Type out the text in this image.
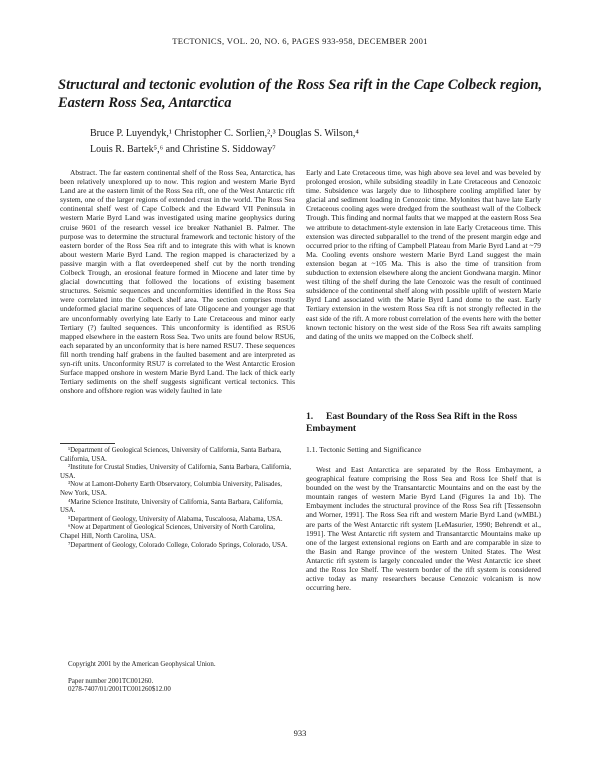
TECTONICS, VOL. 20, NO. 6, PAGES 933-958, DECEMBER 2001
Structural and tectonic evolution of the Ross Sea rift in the Cape Colbeck region, Eastern Ross Sea, Antarctica
Bruce P. Luyendyk,¹ Christopher C. Sorlien,²,³ Douglas S. Wilson,⁴
Louis R. Bartek⁵,⁶ and Christine S. Siddoway⁷

Abstract. The far eastern continental shelf of the Ross Sea, Antarctica, has been relatively unexplored up to now. This region and western Marie Byrd Land are at the eastern limit of the Ross Sea rift, one of the West Antarctic rift system, one of the larger regions of extended crust in the world. The Ross Sea continental shelf west of Cape Colbeck and the Edward VII Peninsula in western Marie Byrd Land was investigated using marine geophysics during cruise 9601 of the research vessel ice breaker Nathaniel B. Palmer. The purpose was to determine the structural framework and tectonic history of the eastern border of the Ross Sea rift and to integrate this with what is known about western Marie Byrd Land. The region mapped is characterized by a passive margin with a flat overdeepened shelf cut by the north trending Colbeck Trough, an erosional feature formed in Miocene and later time by glacial downcutting that followed the locations of existing basement structures. Seismic sequences and unconformities identified in the Ross Sea were correlated into the Colbeck shelf area. The section comprises mostly undeformed glacial marine sequences of late Oligocene and younger age that are unconformably overlying late Early to Late Cretaceous and minor early Tertiary (?) faulted sequences. This unconformity is identified as RSU6 mapped elsewhere in the eastern Ross Sea. Two units are found below RSU6, each separated by an unconformity that is here named RSU7. These sequences fill north trending half grabens in the faulted basement and are interpreted as syn-rift units. Unconformity RSU7 is correlated to the West Antarctic Erosion Surface mapped onshore in western Marie Byrd Land. The lack of thick early Tertiary sediments on the shelf suggests significant vertical tectonics. This onshore and offshore region was widely faulted in late

¹Department of Geological Sciences, University of California, Santa Barbara, California, USA.

²Institute for Crustal Studies, University of California, Santa Barbara, California, USA.

³Now at Lamont-Doherty Earth Observatory, Columbia University, Palisades, New York, USA.

⁴Marine Science Institute, University of California, Santa Barbara, California, USA.

⁵Department of Geology, University of Alabama, Tuscaloosa, Alabama, USA.

⁶Now at Department of Geological Sciences, University of North Carolina, Chapel Hill, North Carolina, USA.

⁷Department of Geology, Colorado College, Colorado Springs, Colorado, USA.

Copyright 2001 by the American Geophysical Union.

Paper number 2001TC001260.

0278-7407/01/2001TC001260$12.00

Early and Late Cretaceous time, was high above sea level and was beveled by prolonged erosion, while subsiding steadily in Late Cretaceous and Cenozoic time. Subsidence was largely due to lithosphere cooling amplified later by glacial and sediment loading in Cenozoic time. Mylonites that have late Early Cretaceous cooling ages were dredged from the southeast wall of the Colbeck Trough. This finding and normal faults that we mapped at the eastern Ross Sea we attribute to detachment-style extension in late Early Cretaceous time. This extension was directed subparallel to the trend of the present margin edge and occurred prior to the rifting of Campbell Plateau from Marie Byrd Land at ~79 Ma. Cooling events onshore western Marie Byrd Land suggest the main extension began at ~105 Ma. This is also the time of transition from subduction to extension elsewhere along the ancient Gondwana margin. Minor west tilting of the shelf during the late Cenozoic was the result of continued subsidence of the continental shelf along with possible uplift of western Marie Byrd Land associated with the Marie Byrd Land dome to the east. Early Tertiary extension in the western Ross Sea rift is not strongly reflected in the east side of the rift. A more robust correlation of the events here with the better known tectonic history on the west side of the Ross Sea rift awaits sampling and dating of the units we mapped on the Colbeck shelf.

1. East Boundary of the Ross Sea Rift in the Ross Embayment
1.1. Tectonic Setting and Significance

West and East Antarctica are separated by the Ross Embayment, a geographical feature comprising the Ross Sea and Ross Ice Shelf that is bounded on the west by the Transantarctic Mountains and on the east by the mountain ranges of western Marie Byrd Land (Figures 1a and 1b). The Embayment includes the structural province of the Ross Sea rift [Tessensohn and Worner, 1991]. The Ross Sea rift and western Marie Byrd Land (wMBL) are parts of the West Antarctic rift system [LeMasurier, 1990; Behrendt et al., 1991]. The West Antarctic rift system and Transantarctic Mountains make up one of the largest extensional regions on Earth and are comparable in size to the Basin and Range province of the western United States. The West Antarctic rift system is largely concealed under the West Antarctic ice sheet and the Ross Ice Shelf. The western border of the rift system is considered active today as many researchers because Cenozoic volcanism is now occurring here.

933
